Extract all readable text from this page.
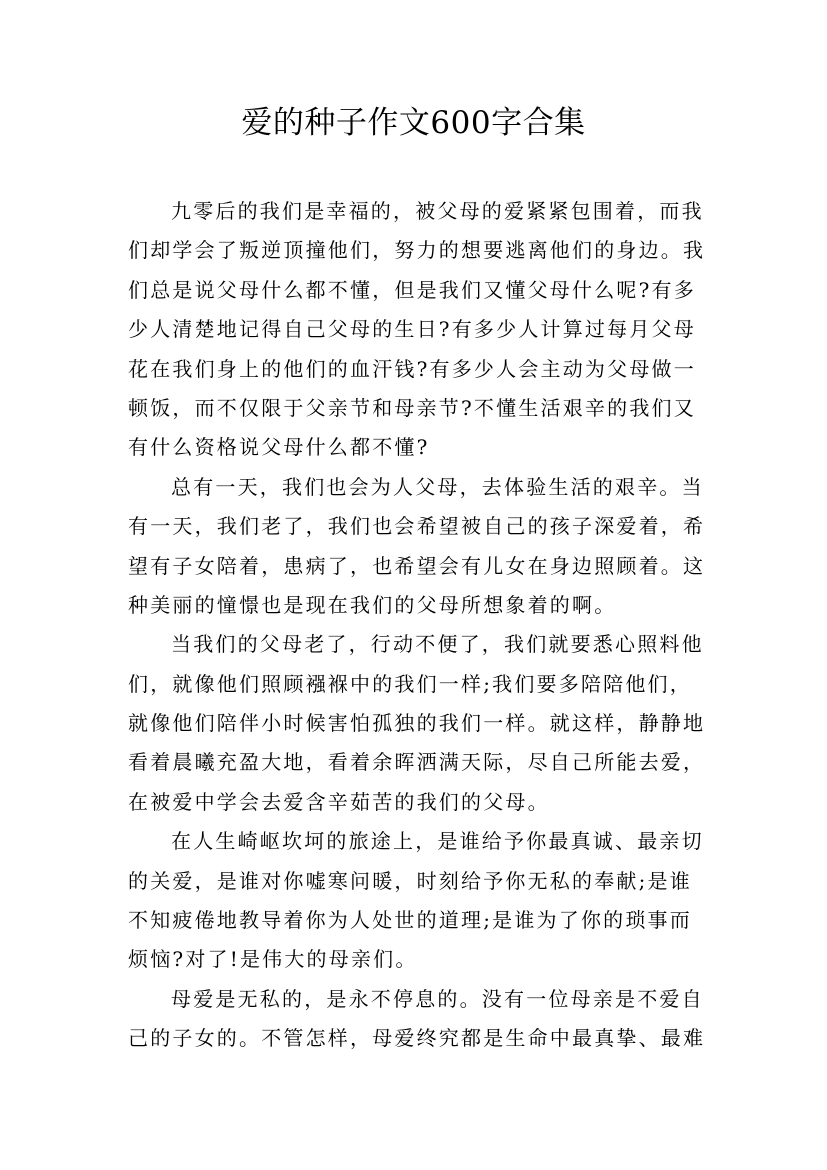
爱的种子作文600字合集
九零后的我们是幸福的，被父母的爱紧紧包围着，而我
们却学会了叛逆顶撞他们，努力的想要逃离他们的身边。我
们总是说父母什么都不懂，但是我们又懂父母什么呢?有多
少人清楚地记得自己父母的生日?有多少人计算过每月父母
花在我们身上的他们的血汗钱?有多少人会主动为父母做一
顿饭，而不仅限于父亲节和母亲节?不懂生活艰辛的我们又
有什么资格说父母什么都不懂?
总有一天，我们也会为人父母，去体验生活的艰辛。当
有一天，我们老了，我们也会希望被自己的孩子深爱着，希
望有子女陪着，患病了，也希望会有儿女在身边照顾着。这
种美丽的憧憬也是现在我们的父母所想象着的啊。
当我们的父母老了，行动不便了，我们就要悉心照料他
们，就像他们照顾襁褓中的我们一样;我们要多陪陪他们，
就像他们陪伴小时候害怕孤独的我们一样。就这样，静静地
看着晨曦充盈大地，看着余晖洒满天际，尽自己所能去爱，
在被爱中学会去爱含辛茹苦的我们的父母。
在人生崎岖坎坷的旅途上，是谁给予你最真诚、最亲切
的关爱，是谁对你嘘寒问暖，时刻给予你无私的奉献;是谁
不知疲倦地教导着你为人处世的道理;是谁为了你的琐事而
烦恼?对了!是伟大的母亲们。
母爱是无私的，是永不停息的。没有一位母亲是不爱自
己的子女的。不管怎样，母爱终究都是生命中最真挚、最难
